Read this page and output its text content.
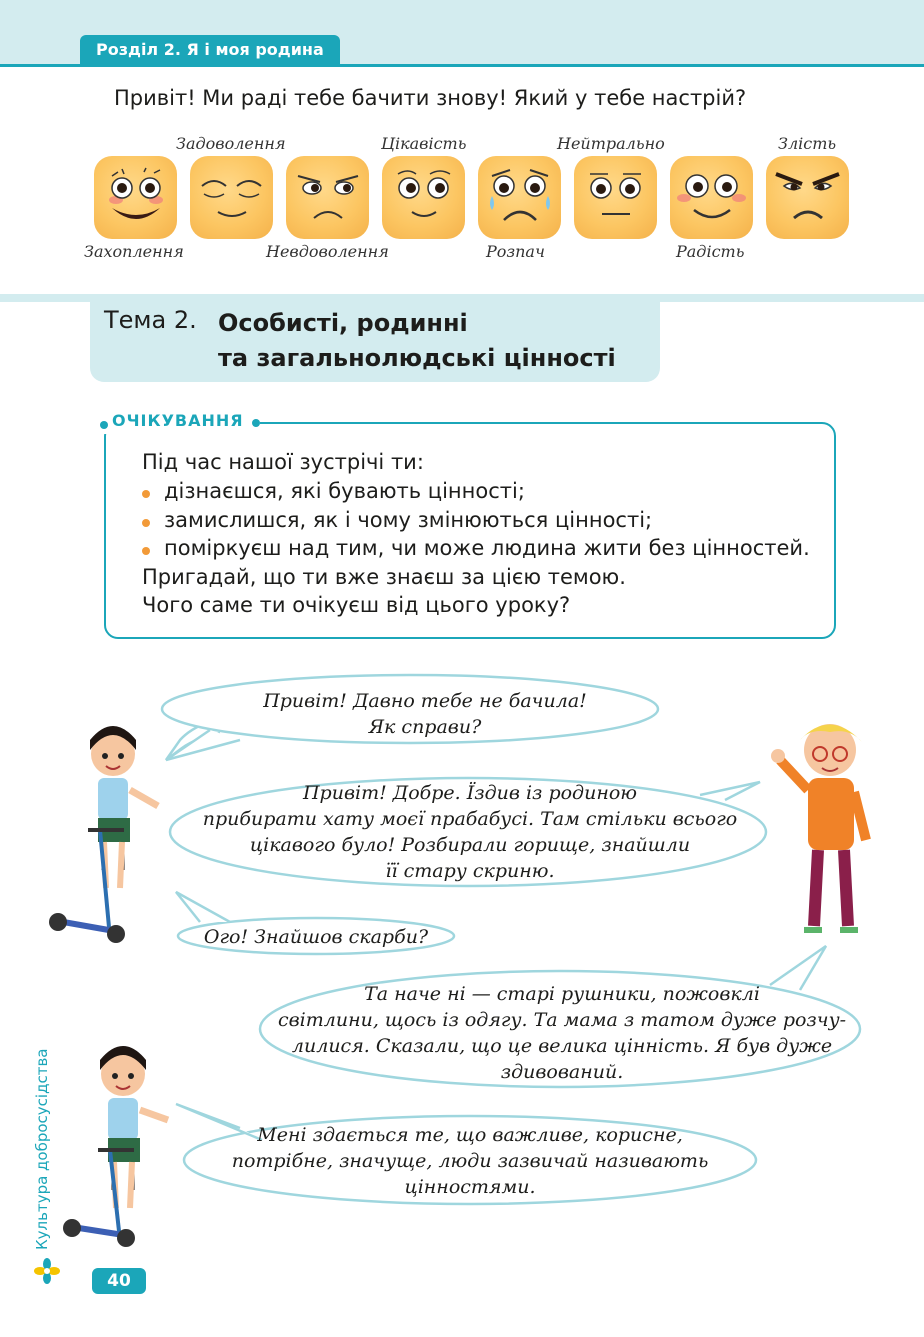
Розділ 2. Я і моя родина
Привіт! Ми раді тебе бачити знову! Який у тебе настрій?
Захоплення
Задоволення
Невдоволення
Цікавість
Розпач
Нейтрально
Радість
Злість
Тема 2. Особисті, родинні
та загальнолюдські цінності
ОЧІКУВАННЯ
Під час нашої зустрічі ти:
дізнаєшся, які бувають цінності;
замислишся, як і чому змінюються цінності;
поміркуєш над тим, чи може людина жити без цінностей.
Пригадай, що ти вже знаєш за цією темою.
Чого саме ти очікуєш від цього уроку?
Привіт! Давно тебе не бачила!
Як справи?
Привіт! Добре. Їздив із родиною
прибирати хату моєї прабабусі. Там стільки всього
цікавого було! Розбирали горище, знайшли
її стару скриню.
Ого! Знайшов скарби?
Та наче ні — старі рушники, пожовклі
світлини, щось із одягу. Та мама з татом дуже розчу-
лилися. Сказали, що це велика цінність. Я був дуже
здивований.
Мені здається те, що важливе, корисне,
потрібне, значуще, люди зазвичай називають
цінностями.
Культура добросусідства
40
